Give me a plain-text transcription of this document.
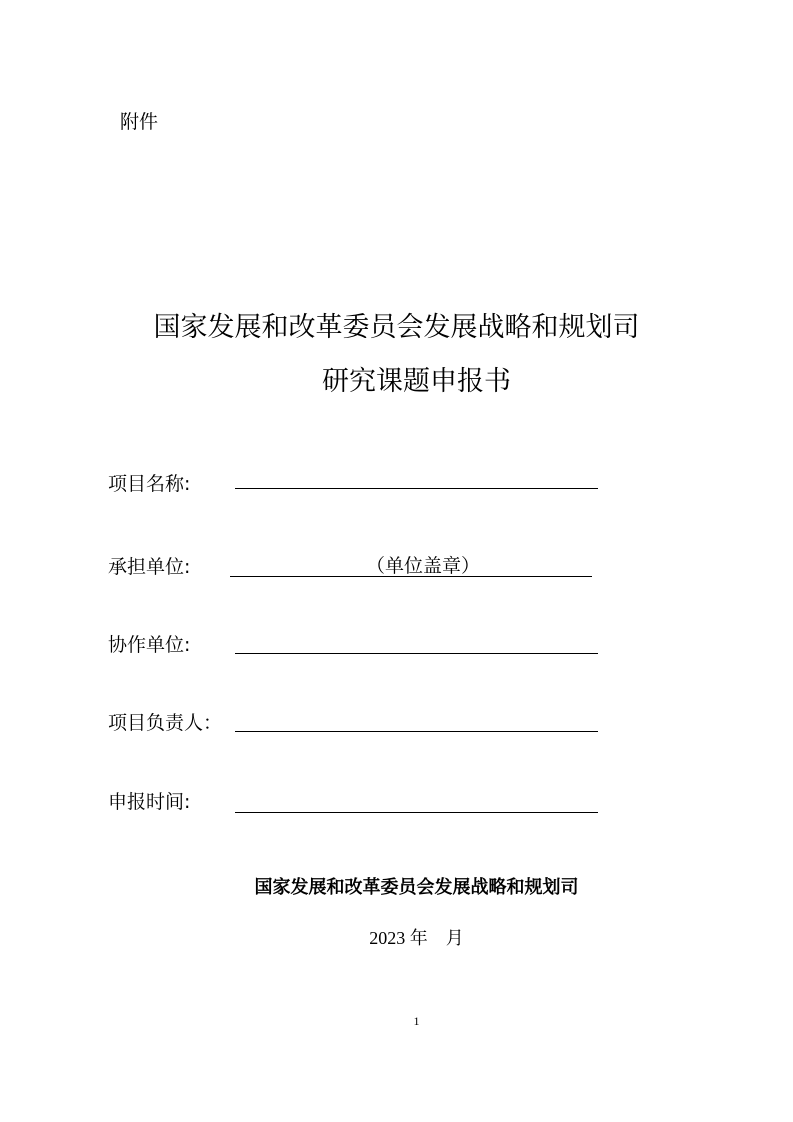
附件
国家发展和改革委员会发展战略和规划司
研究课题申报书
项目名称:
承担单位:	（单位盖章）
协作单位:
项目负责人：
申报时间:
国家发展和改革委员会发展战略和规划司
2023 年    月
1
